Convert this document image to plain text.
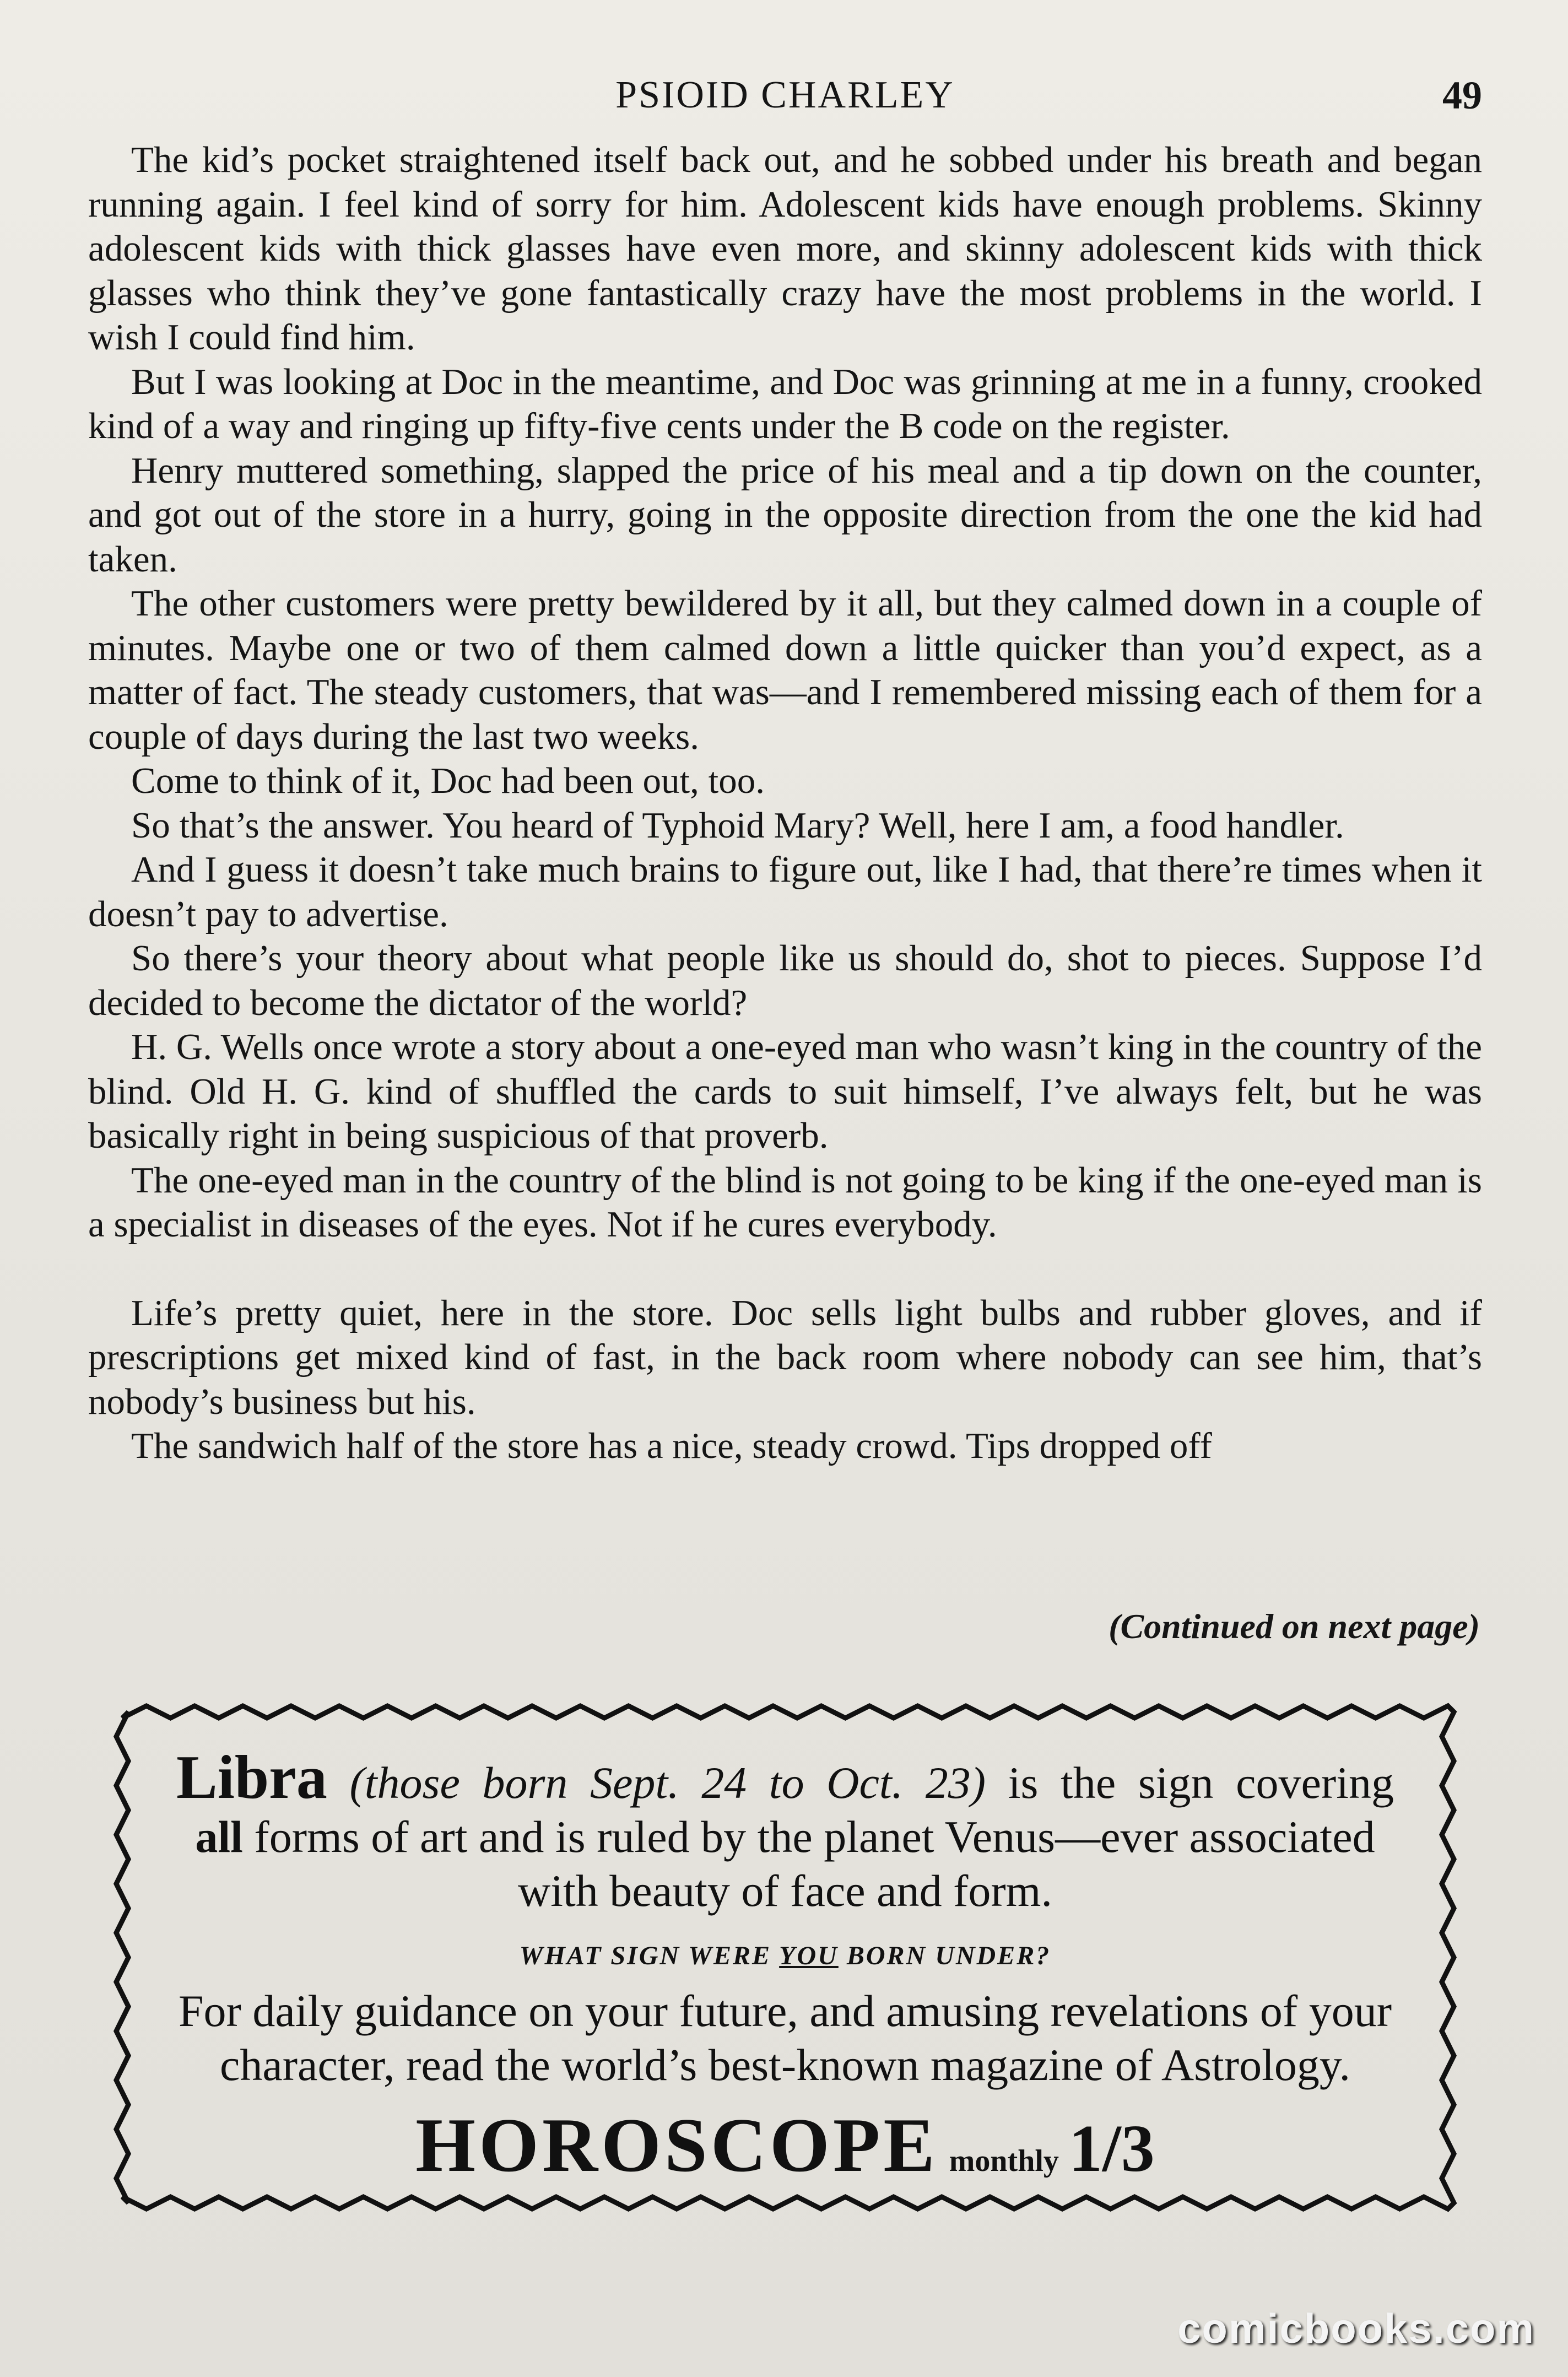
PSIOID CHARLEY	49

The kid’s pocket straightened itself back out, and he sobbed under his breath and began running again. I feel kind of sorry for him. Adolescent kids have enough problems. Skinny adolescent kids with thick glasses have even more, and skinny adolescent kids with thick glasses who think they’ve gone fantastically crazy have the most problems in the world. I wish I could find him.

But I was looking at Doc in the meantime, and Doc was grinning at me in a funny, crooked kind of a way and ringing up fifty-five cents under the B code on the register.

Henry muttered something, slapped the price of his meal and a tip down on the counter, and got out of the store in a hurry, going in the opposite direction from the one the kid had taken.

The other customers were pretty bewildered by it all, but they calmed down in a couple of minutes. Maybe one or two of them calmed down a little quicker than you’d expect, as a matter of fact. The steady customers, that was—and I remembered missing each of them for a couple of days during the last two weeks.

Come to think of it, Doc had been out, too.

So that’s the answer. You heard of Typhoid Mary? Well, here I am, a food handler.

And I guess it doesn’t take much brains to figure out, like I had, that there’re times when it doesn’t pay to advertise.

So there’s your theory about what people like us should do, shot to pieces. Suppose I’d decided to become the dictator of the world?

H. G. Wells once wrote a story about a one-eyed man who wasn’t king in the country of the blind. Old H. G. kind of shuffled the cards to suit himself, I’ve always felt, but he was basically right in being suspicious of that proverb.

The one-eyed man in the country of the blind is not going to be king if the one-eyed man is a specialist in diseases of the eyes. Not if he cures everybody.

Life’s pretty quiet, here in the store. Doc sells light bulbs and rubber gloves, and if prescriptions get mixed kind of fast, in the back room where nobody can see him, that’s nobody’s business but his.

The sandwich half of the store has a nice, steady crowd. Tips dropped off

(Continued on next page)
Libra (those born Sept. 24 to Oct. 23) is the sign covering
all forms of art and is ruled by the planet Venus—ever associated with beauty of face and form.
WHAT SIGN WERE YOU BORN UNDER?
For daily guidance on your future, and amusing revelations of your character, read the world’s best-known magazine of Astrology.
HOROSCOPE monthly 1/3
comicbooks.com
